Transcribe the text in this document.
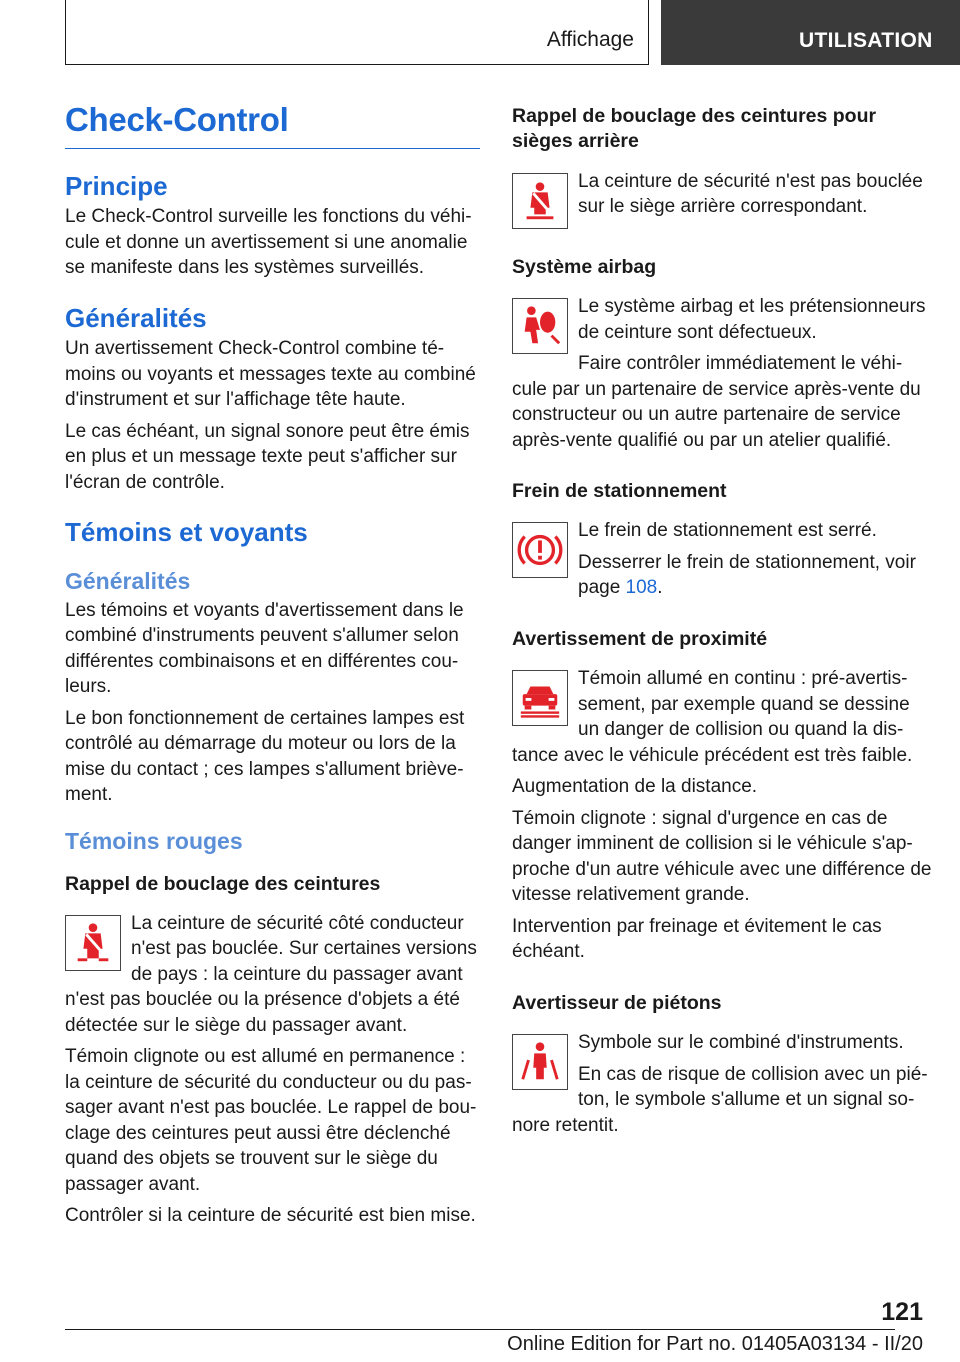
Affichage	UTILISATION
Check-Control
Principe
Le Check-Control surveille les fonctions du véhi-cule et donne un avertissement si une anomalie se manifeste dans les systèmes surveillés.
Généralités
Un avertissement Check-Control combine té-moins ou voyants et messages texte au combiné d'instrument et sur l'affichage tête haute.
Le cas échéant, un signal sonore peut être émis en plus et un message texte peut s'afficher sur l'écran de contrôle.
Témoins et voyants
Généralités
Les témoins et voyants d'avertissement dans le combiné d'instruments peuvent s'allumer selon différentes combinaisons et en différentes cou-leurs.
Le bon fonctionnement de certaines lampes est contrôlé au démarrage du moteur ou lors de la mise du contact ; ces lampes s'allument briève-ment.
Témoins rouges
Rappel de bouclage des ceintures
La ceinture de sécurité côté conducteur n'est pas bouclée. Sur certaines versions de pays : la ceinture du passager avant n'est pas bouclée ou la présence d'objets a été détectée sur le siège du passager avant.
Témoin clignote ou est allumé en permanence : la ceinture de sécurité du conducteur ou du pas-sager avant n'est pas bouclée. Le rappel de bou-clage des ceintures peut aussi être déclenché quand des objets se trouvent sur le siège du passager avant.
Contrôler si la ceinture de sécurité est bien mise.
Rappel de bouclage des ceintures pour sièges arrière
La ceinture de sécurité n'est pas bouclée sur le siège arrière correspondant.
Système airbag
Le système airbag et les prétensionneurs de ceinture sont défectueux.
Faire contrôler immédiatement le véhi-cule par un partenaire de service après-vente du constructeur ou un autre partenaire de service après-vente qualifié ou par un atelier qualifié.
Frein de stationnement
Le frein de stationnement est serré.
Desserrer le frein de stationnement, voir page 108.
Avertissement de proximité
Témoin allumé en continu : pré-avertis-sement, par exemple quand se dessine un danger de collision ou quand la dis-tance avec le véhicule précédent est très faible.
Augmentation de la distance.
Témoin clignote : signal d'urgence en cas de danger imminent de collision si le véhicule s'ap-proche d'un autre véhicule avec une différence de vitesse relativement grande.
Intervention par freinage et évitement le cas échéant.
Avertisseur de piétons
Symbole sur le combiné d'instruments.
En cas de risque de collision avec un pié-ton, le symbole s'allume et un signal so-nore retentit.
121
Online Edition for Part no. 01405A03134 - II/20
